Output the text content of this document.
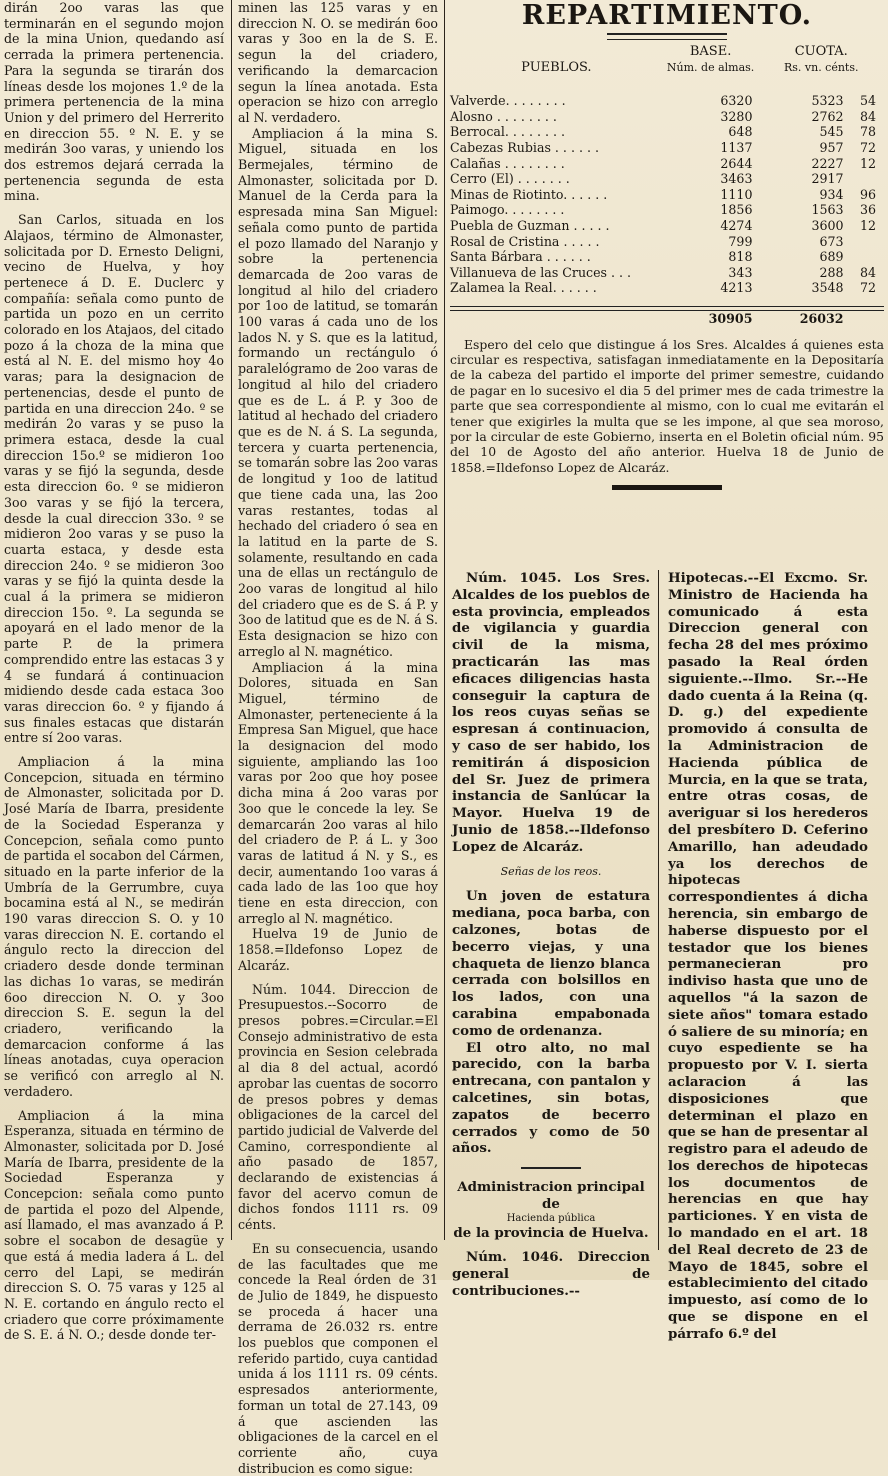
dirán 2oo varas las que terminarán en el segundo mojon de la mina Union, quedando así cerrada la primera pertenencia. Para la segunda se tirarán dos líneas desde los mojones 1.º de la primera pertenencia de la mina Union y del primero del Herrerito en direccion 55. º N. E. y se medirán 3oo varas, y uniendo los dos estremos dejará cerrada la pertenencia segunda de esta mina.

San Carlos, situada en los Alajaos, término de Almonaster, solicitada por D. Ernesto Deligni, vecino de Huelva, y hoy pertenece á D. E. Duclerc y compañía: señala como punto de partida un pozo en un cerrito colorado en los Atajaos, del citado pozo á la choza de la mina que está al N. E. del mismo hoy 4o varas; para la designacion de pertenencias, desde el punto de partida en una direccion 24o. º se medirán 2o varas y se puso la primera estaca, desde la cual direccion 15o.º se midieron 1oo varas y se fijó la segunda, desde esta direccion 6o. º se midieron 3oo varas y se fijó la tercera, desde la cual direccion 33o. º se midieron 2oo varas y se puso la cuarta estaca, y desde esta direccion 24o. º se midieron 3oo varas y se fijó la quinta desde la cual á la primera se midieron direccion 15o. º. La segunda se apoyará en el lado menor de la parte P. de la primera comprendido entre las estacas 3 y 4 se fundará á continuacion midiendo desde cada estaca 3oo varas direccion 6o. º y fijando á sus finales estacas que distarán entre sí 2oo varas.

Ampliacion á la mina Concepcion, situada en término de Almonaster, solicitada por D. José María de Ibarra, presidente de la Sociedad Esperanza y Concepcion, señala como punto de partida el socabon del Cármen, situado en la parte inferior de la Umbría de la Gerrumbre, cuya bocamina está al N., se medirán 190 varas direccion S. O. y 10 varas direccion N. E. cortando el ángulo recto la direccion del criadero desde donde terminan las dichas 1o varas, se medirán 6oo direccion N. O. y 3oo direccion S. E. segun la del criadero, verificando la demarcacion conforme á las líneas anotadas, cuya operacion se verificó con arreglo al N. verdadero.

Ampliacion á la mina Esperanza, situada en término de Almonaster, solicitada por D. José María de Ibarra, presidente de la Sociedad Esperanza y Concepcion: señala como punto de partida el pozo del Alpende, así llamado, el mas avanzado á P. sobre el socabon de desagüe y que está á media ladera á L. del cerro del Lapi, se medirán direccion S. O. 75 varas y 125 al N. E. cortando en ángulo recto el criadero que corre próximamente de S. E. á N. O.; desde donde ter-

minen las 125 varas y en direccion N. O. se medirán 6oo varas y 3oo en la de S. E. segun la del criadero, verificando la demarcacion segun la línea anotada. Esta operacion se hizo con arreglo al N. verdadero.

Ampliacion á la mina S. Miguel, situada en los Bermejales, término de Almonaster, solicitada por D. Manuel de la Cerda para la espresada mina San Miguel: señala como punto de partida el pozo llamado del Naranjo y sobre la pertenencia demarcada de 2oo varas de longitud al hilo del criadero por 1oo de latitud, se tomarán 100 varas á cada uno de los lados N. y S. que es la latitud, formando un rectángulo ó paralelógramo de 2oo varas de longitud al hilo del criadero que es de L. á P. y 3oo de latitud al hechado del criadero que es de N. á S. La segunda, tercera y cuarta pertenencia, se tomarán sobre las 2oo varas de longitud y 1oo de latitud que tiene cada una, las 2oo varas restantes, todas al hechado del criadero ó sea en la latitud en la parte de S. solamente, resultando en cada una de ellas un rectángulo de 2oo varas de longitud al hilo del criadero que es de S. á P. y 3oo de latitud que es de N. á S. Esta designacion se hizo con arreglo al N. magnético.

Ampliacion á la mina Dolores, situada en San Miguel, término de Almonaster, perteneciente á la Empresa San Miguel, que hace la designacion del modo siguiente, ampliando las 1oo varas por 2oo que hoy posee dicha mina á 2oo varas por 3oo que le concede la ley. Se demarcarán 2oo varas al hilo del criadero de P. á L. y 3oo varas de latitud á N. y S., es decir, aumentando 1oo varas á cada lado de las 1oo que hoy tiene en esta direccion, con arreglo al N. magnético.

Huelva 19 de Junio de 1858.=Ildefonso Lopez de Alcaráz.

Núm. 1044. Direccion de Presupuestos.--Socorro de presos pobres.=Circular.=El Consejo administrativo de esta provincia en Sesion celebrada al dia 8 del actual, acordó aprobar las cuentas de socorro de presos pobres y demas obligaciones de la carcel del partido judicial de Valverde del Camino, correspondiente al año pasado de 1857, declarando de existencias á favor del acervo comun de dichos fondos 1111 rs. 09 cénts.

En su consecuencia, usando de las facultades que me concede la Real órden de 31 de Julio de 1849, he dispuesto se proceda á hacer una derrama de 26.032 rs. entre los pueblos que componen el referido partido, cuya cantidad unida á los 1111 rs. 09 cénts. espresados anteriormente, forman un total de 27.143, 09 á que ascienden las obligaciones de la carcel en el corriente año, cuya distribucion es como sigue:

REPARTIMIENTO.
	BASE.	CUOTA.	
PUEBLOS.	Núm. de almas.	Rs. vn. cénts.	

Valverde. . . . . . . .	6320	5323	54
Alosno . . . . . . . .	3280	2762	84
Berrocal. . . . . . . .	648	545	78
Cabezas Rubias . . . . . .	1137	957	72
Calañas . . . . . . . .	2644	2227	12
Cerro (El) . . . . . . .	3463	2917	
Minas de Riotinto. . . . . .	1110	934	96
Paimogo. . . . . . . .	1856	1563	36
Puebla de Guzman . . . . .	4274	3600	12
Rosal de Cristina . . . . .	799	673	
Santa Bárbara . . . . . .	818	689	
Villanueva de las Cruces . . .	343	288	84
Zalamea la Real. . . . . .	4213	3548	72

	30905	26032	

Espero del celo que distingue á los Sres. Alcaldes á quienes esta circular es respectiva, satisfagan inmediatamente en la Depositaría de la cabeza del partido el importe del primer semestre, cuidando de pagar en lo sucesivo el dia 5 del primer mes de cada trimestre la parte que sea correspondiente al mismo, con lo cual me evitarán el tener que exigirles la multa que se les impone, al que sea moroso, por la circular de este Gobierno, inserta en el Boletin oficial núm. 95 del 10 de Agosto del año anterior. Huelva 18 de Junio de 1858.=Ildefonso Lopez de Alcaráz.

Núm. 1045. Los Sres. Alcaldes de los pueblos de esta provincia, empleados de vigilancia y guardia civil de la misma, practicarán las mas eficaces diligencias hasta conseguir la captura de los reos cuyas señas se espresan á continuacion, y caso de ser habido, los remitirán á disposicion del Sr. Juez de primera instancia de Sanlúcar la Mayor. Huelva 19 de Junio de 1858.--Ildefonso Lopez de Alcaráz.

Señas de los reos.

Un joven de estatura mediana, poca barba, con calzones, botas de becerro viejas, y una chaqueta de lienzo blanca cerrada con bolsillos en los lados, con una carabina empabonada como de ordenanza.

El otro alto, no mal parecido, con la barba entrecana, con pantalon y calcetines, sin botas, zapatos de becerro cerrados y como de 50 años.

Administracion principal de

Hacienda pública

de la provincia de Huelva.

Núm. 1046. Direccion general de contribuciones.--

Hipotecas.--El Excmo. Sr. Ministro de Hacienda ha comunicado á esta Direccion general con fecha 28 del mes próximo pasado la Real órden siguiente.--Ilmo. Sr.--He dado cuenta á la Reina (q. D. g.) del expediente promovido á consulta de la Administracion de Hacienda pública de Murcia, en la que se trata, entre otras cosas, de averiguar si los herederos del presbítero D. Ceferino Amarillo, han adeudado ya los derechos de hipotecas correspondientes á dicha herencia, sin embargo de haberse dispuesto por el testador que los bienes permanecieran pro indiviso hasta que uno de aquellos "á la sazon de siete años" tomara estado ó saliere de su minoría; en cuyo espediente se ha propuesto por V. I. sierta aclaracion á las disposiciones que determinan el plazo en que se han de presentar al registro para el adeudo de los derechos de hipotecas los documentos de herencias en que hay particiones. Y en vista de lo mandado en el art. 18 del Real decreto de 23 de Mayo de 1845, sobre el establecimiento del citado impuesto, así como de lo que se dispone en el párrafo 6.º del
